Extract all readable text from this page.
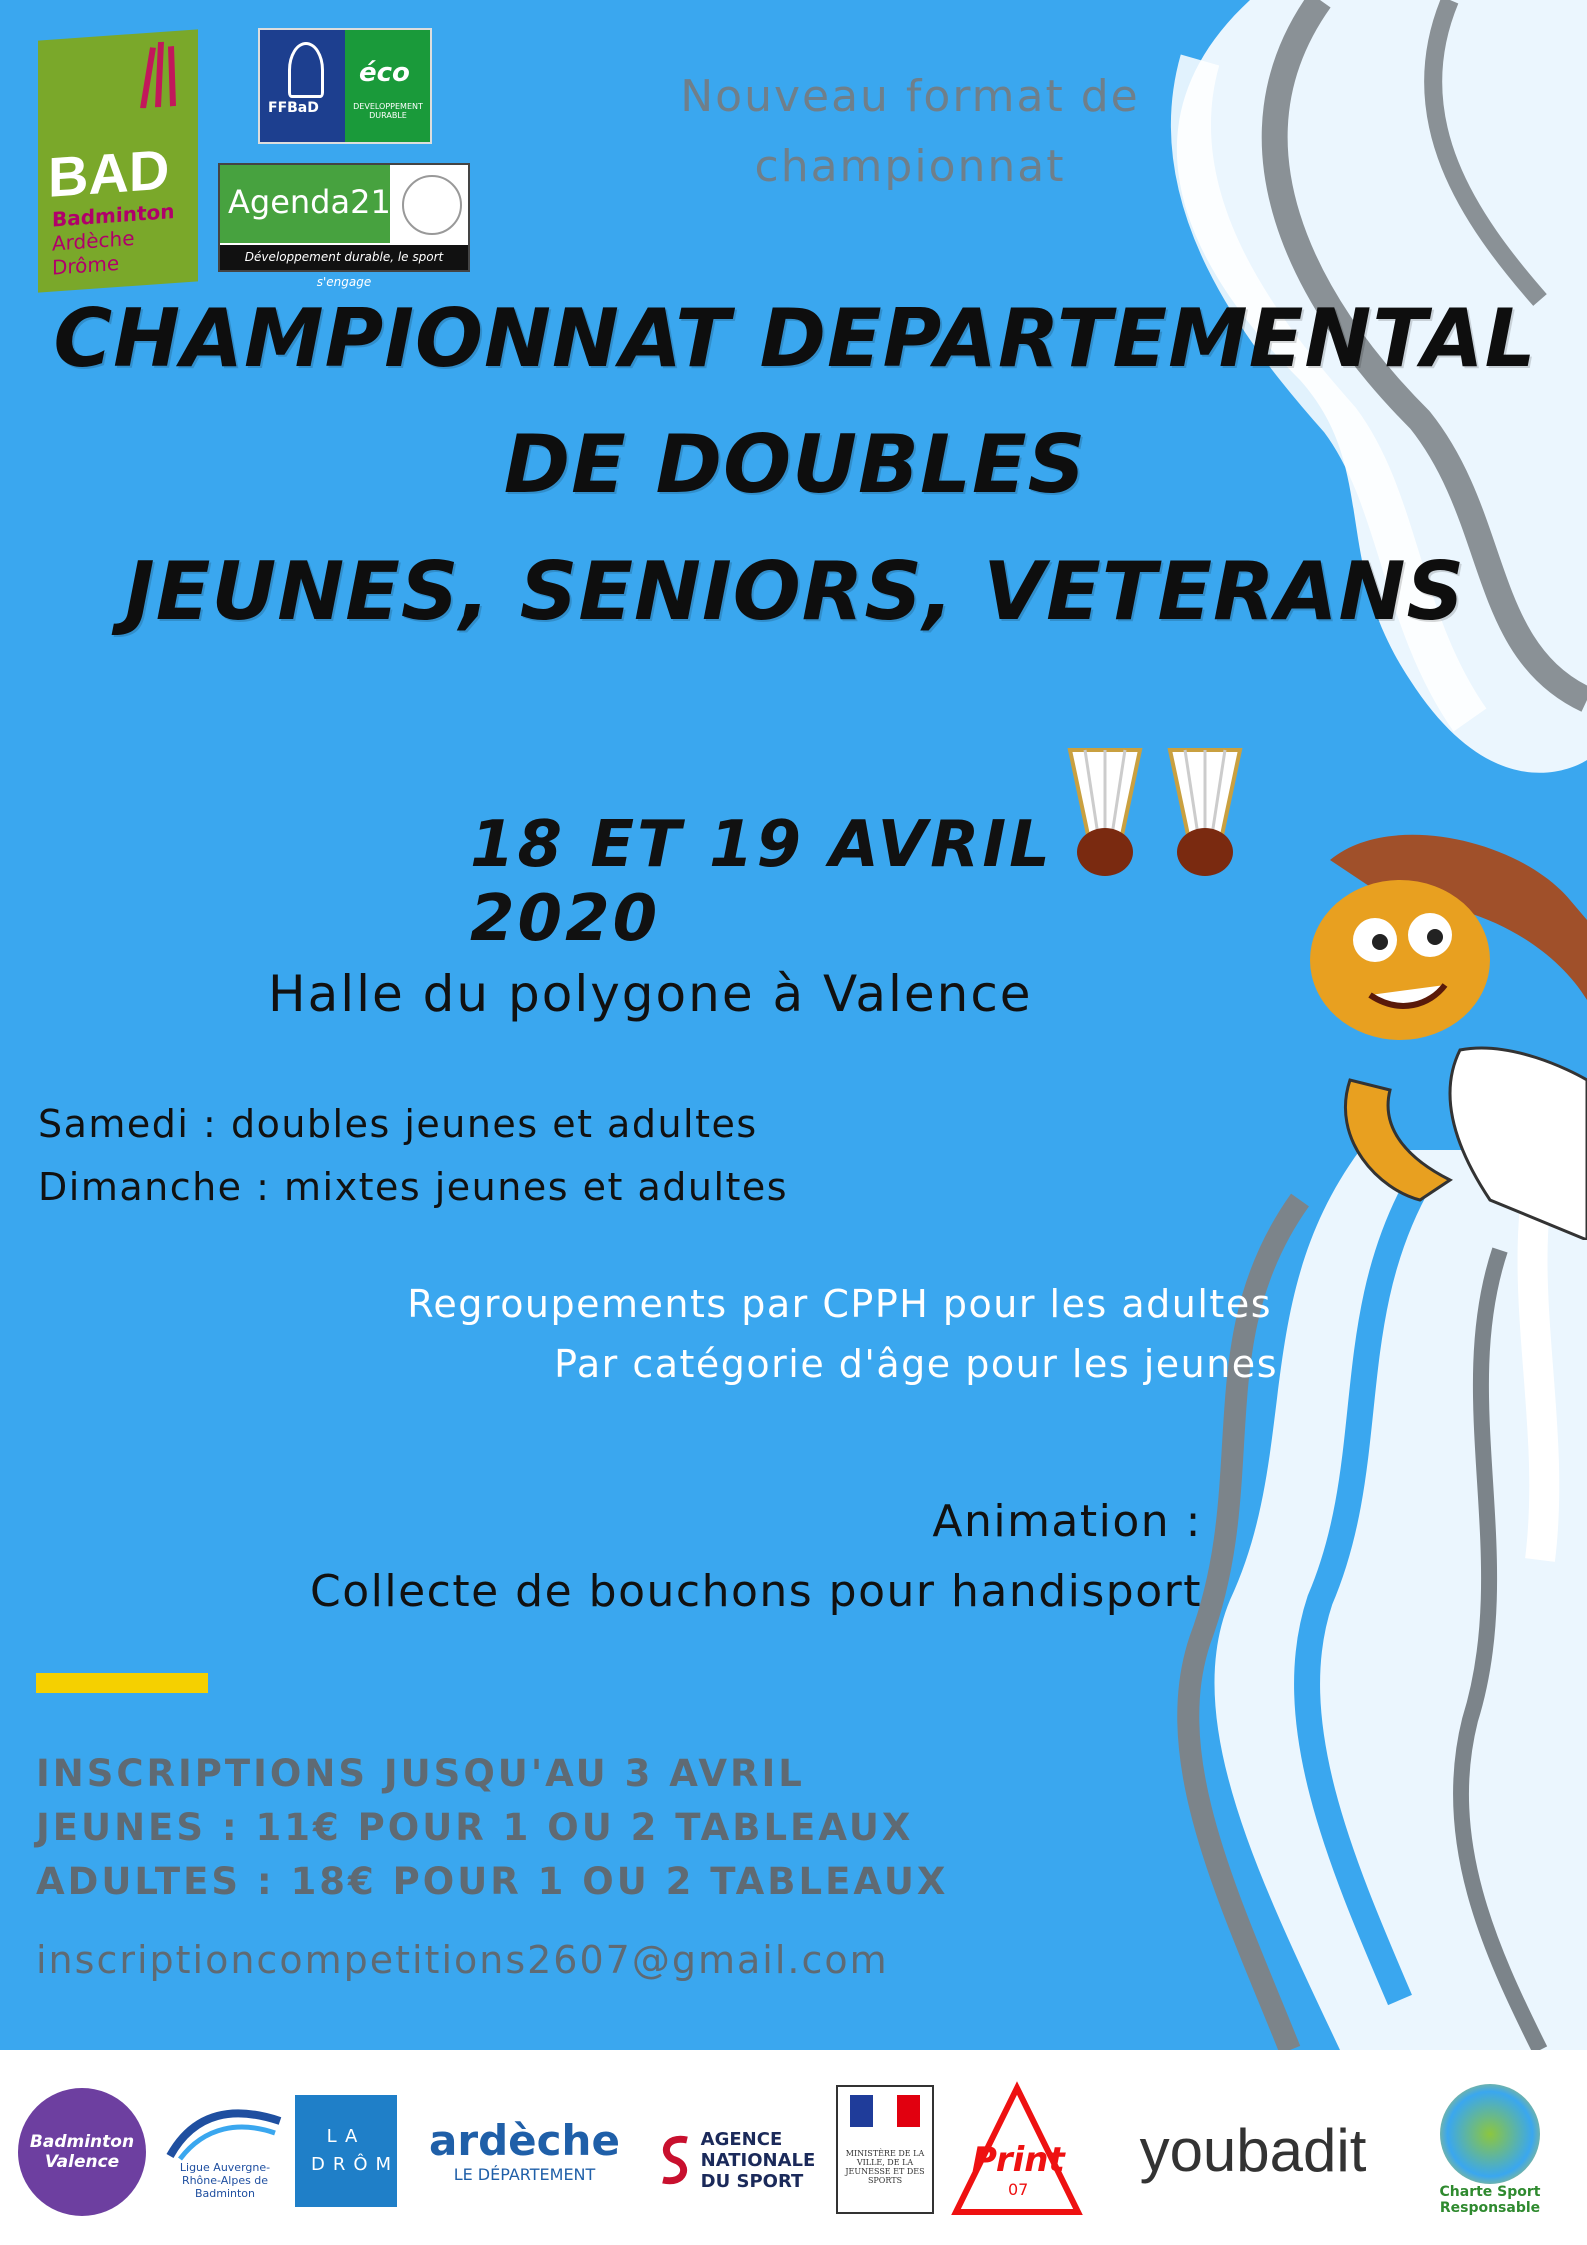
BAD
Badminton
Ardèche
Drôme
FFBaD
éco
DEVELOPPEMENT DURABLE
Agenda21
Développement durable, le sport s'engage
Nouveau format de
championnat
CHAMPIONNAT DEPARTEMENTAL
DE DOUBLES
JEUNES, SENIORS, VETERANS
18 ET 19 AVRIL 2020
Halle du polygone à Valence
Samedi : doubles jeunes et adultes
Dimanche : mixtes jeunes et adultes
Regroupements par CPPH pour les adultes
Par catégorie d'âge pour les jeunes
Animation :
Collecte de bouchons pour handisport
INSCRIPTIONS JUSQU'AU 3 AVRIL
JEUNES : 11€ POUR 1 OU 2 TABLEAUX
ADULTES : 18€ POUR 1 OU 2 TABLEAUX
inscriptioncompetitions2607@gmail.com
Badminton Valence	Ligue Auvergne-Rhône-Alpes de Badminton
LA DRÔME ardèche
LE DÉPARTEMENT
AGENCE
NATIONALE
DU SPORT
MINISTÈRE DE LA VILLE, DE LA JEUNESSE ET DES SPORTS
Print
07
youbadit
Charte Sport Responsable
